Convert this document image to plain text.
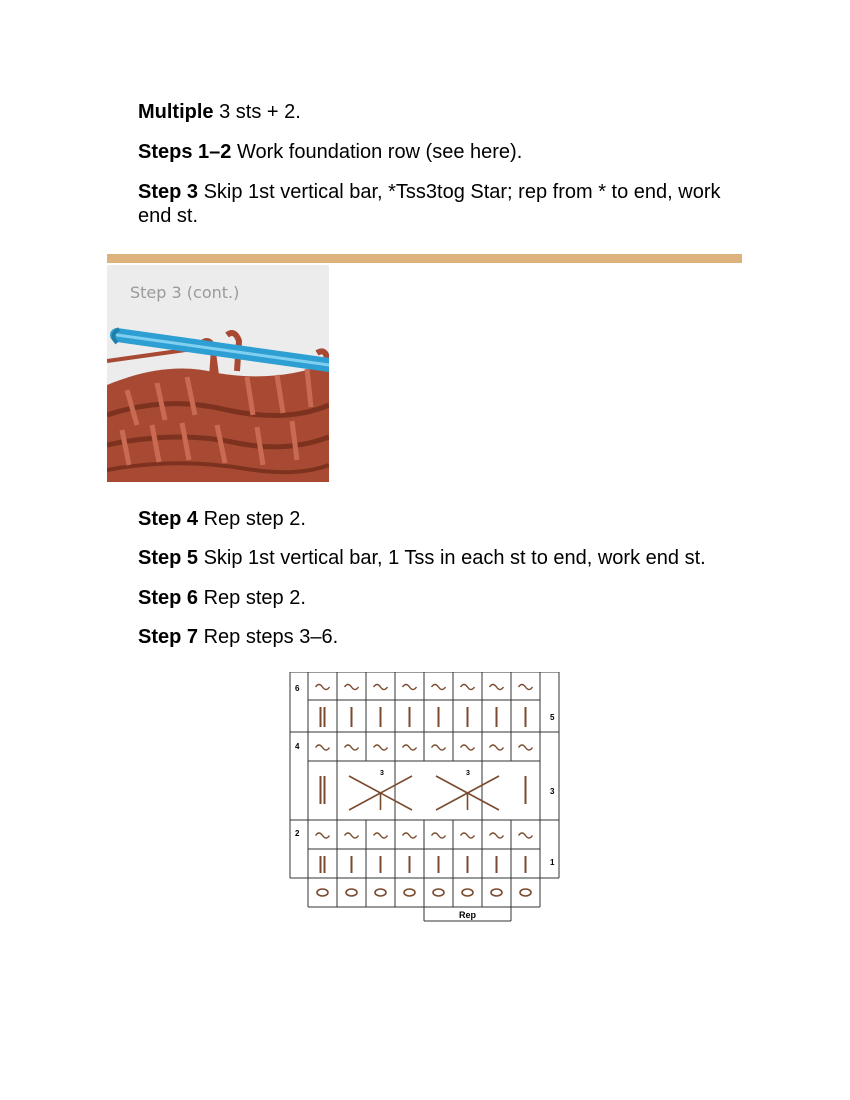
Multiple 3 sts + 2.

Steps 1–2 Work foundation row (see here).

Step 3 Skip 1st vertical bar, *Tss3tog Star; rep from * to end, work end st.

Step 3 (cont.)

Step 4 Rep step 2.

Step 5 Skip 1st vertical bar, 1 Tss in each st to end, work end st.

Step 6 Rep step 2.

Step 7 Rep steps 3–6.

6
4
2
5
3
1
3	3
Rep
